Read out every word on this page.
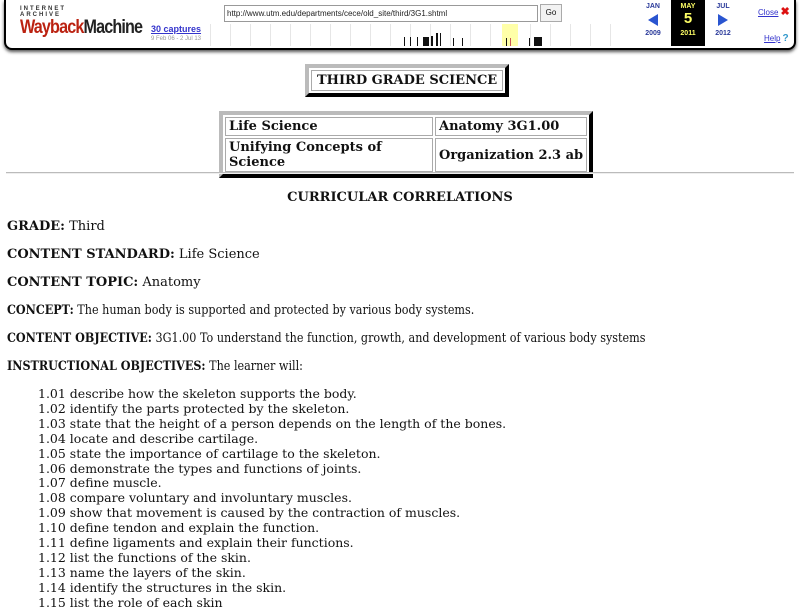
INTERNET ARCHIVE
WaybackMachine 30 captures
9 Feb 06 - 2 Jul 13
http://www.utm.edu/departments/cece/old_site/third/3G1.shtml
Go
JAN
2009
MAY
5
2011
JUL
2012
Close ✖
Help ?
THIRD GRADE SCIENCE
Life Science	Anatomy 3G1.00
Unifying Concepts of Science	Organization 2.3 ab
CURRICULAR CORRELATIONS
GRADE: Third
CONTENT STANDARD: Life Science
CONTENT TOPIC: Anatomy
CONCEPT: The human body is supported and protected by various body systems.
CONTENT OBJECTIVE: 3G1.00 To understand the function, growth, and development of various body systems
INSTRUCTIONAL OBJECTIVES: The learner will:
1.01 describe how the skeleton supports the body.
1.02 identify the parts protected by the skeleton.
1.03 state that the height of a person depends on the length of the bones.
1.04 locate and describe cartilage.
1.05 state the importance of cartilage to the skeleton.
1.06 demonstrate the types and functions of joints.
1.07 define muscle.
1.08 compare voluntary and involuntary muscles.
1.09 show that movement is caused by the contraction of muscles.
1.10 define tendon and explain the function.
1.11 define ligaments and explain their functions.
1.12 list the functions of the skin.
1.13 name the layers of the skin.
1.14 identify the structures in the skin.
1.15 list the role of each skin
